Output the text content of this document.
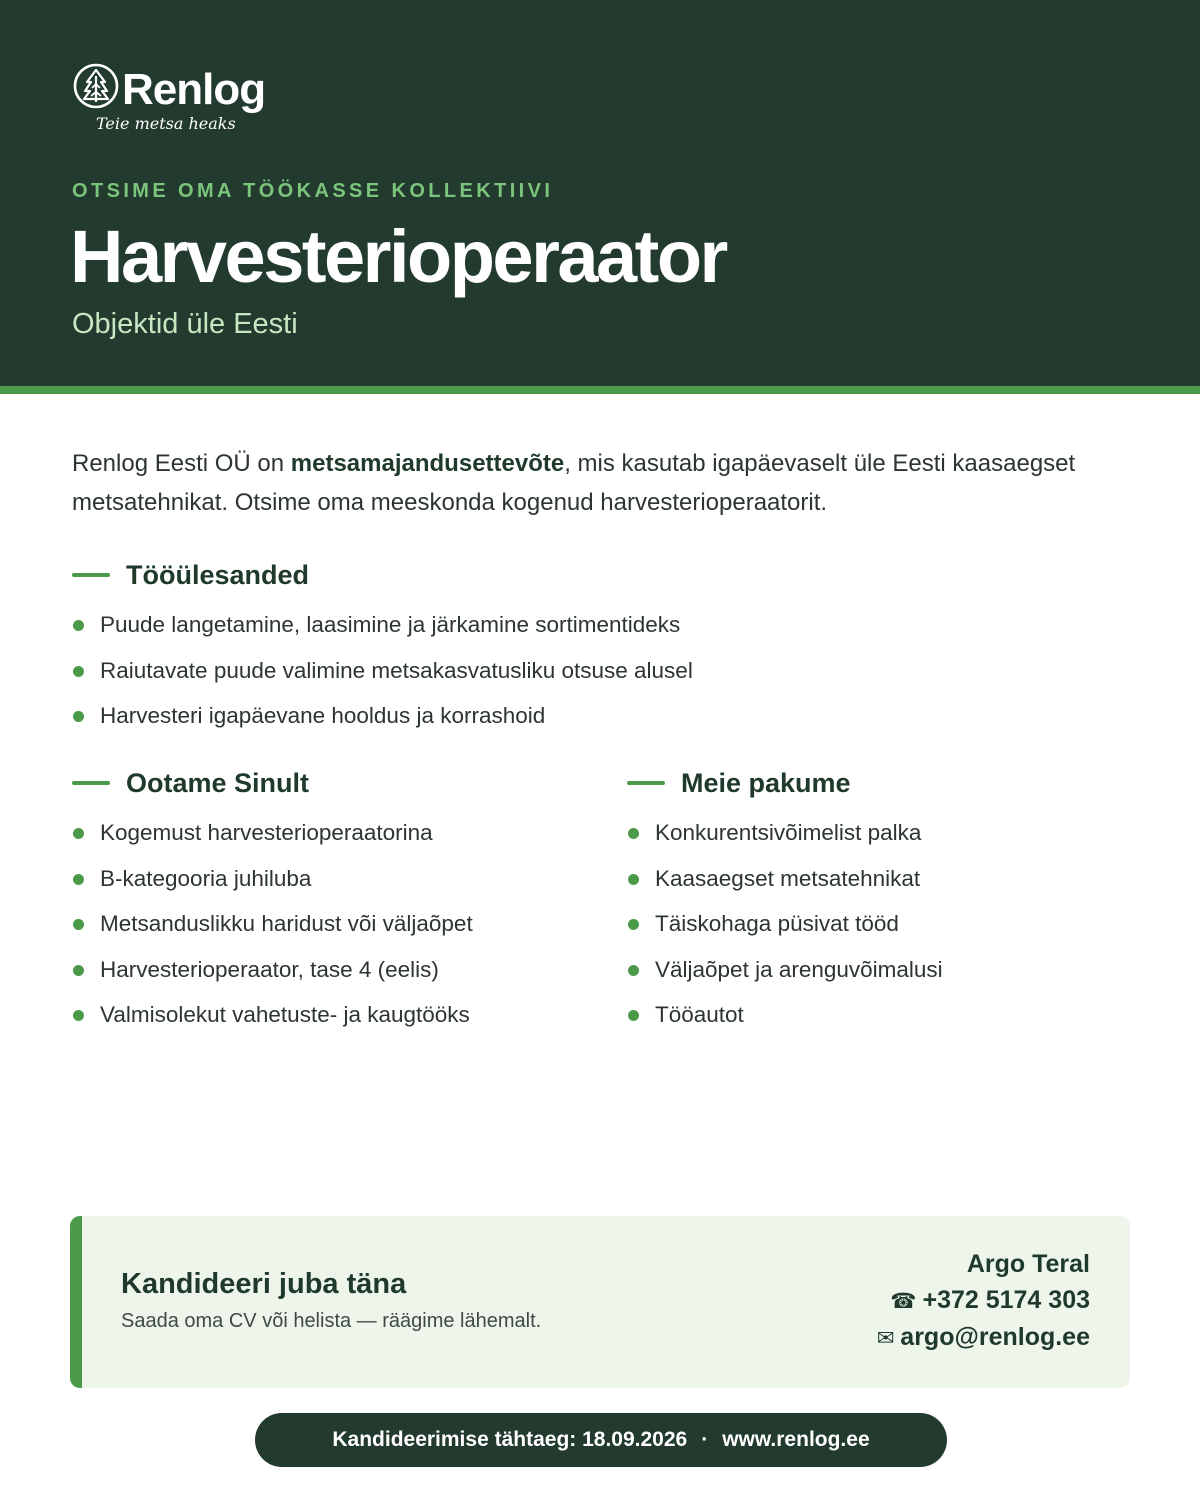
Renlog
Teie metsa heaks
OTSIME OMA TÖÖKASSE KOLLEKTIIVI
Harvesterioperaator
Objektid üle Eesti

Renlog Eesti OÜ on metsamajandusettevõte, mis kasutab igapäevaselt üle Eesti kaasaegset metsatehnikat. Otsime oma meeskonda kogenud harvesterioperaatorit.

Tööülesanded
Puude langetamine, laasimine ja järkamine sortimentideks
Raiutavate puude valimine metsakasvatusliku otsuse alusel
Harvesteri igapäevane hooldus ja korrashoid
Ootame Sinult
Kogemust harvesterioperaatorina
B-kategooria juhiluba
Metsanduslikku haridust või väljaõpet
Harvesterioperaator, tase 4 (eelis)
Valmisolekut vahetuste- ja kaugtööks
Meie pakume
Konkurentsivõimelist palka
Kaasaegset metsatehnikat
Täiskohaga püsivat tööd
Väljaõpet ja arenguvõimalusi
Tööautot
Kandideeri juba täna
Saada oma CV või helista — räägime lähemalt.
Argo Teral
☎ +372 5174 303
✉ argo@renlog.ee
Kandideerimise tähtaeg: 18.09.2026 · www.renlog.ee
